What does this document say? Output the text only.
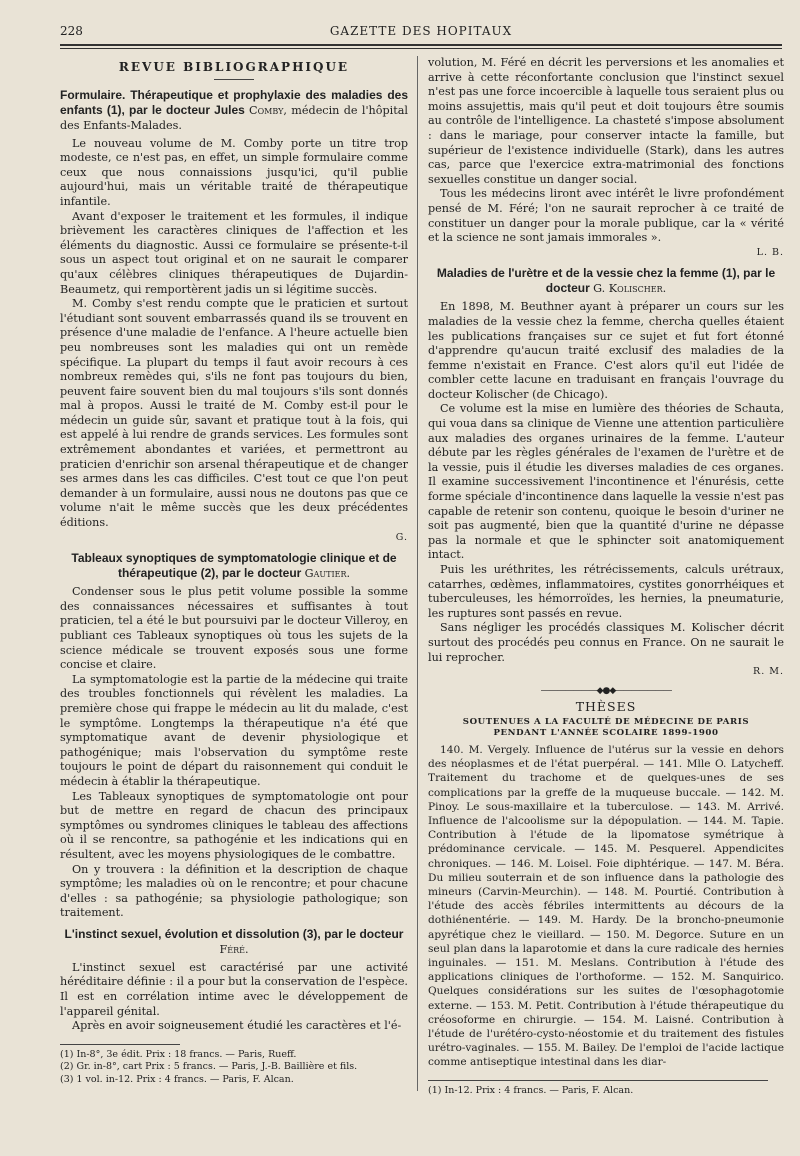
228	GAZETTE DES HOPITAUX
REVUE BIBLIOGRAPHIQUE
Formulaire. Thérapeutique et prophylaxie des maladies des enfants (1), par le docteur Jules Comby, médecin de l'hôpital des Enfants-Malades.

Le nouveau volume de M. Comby porte un titre trop modeste, ce n'est pas, en effet, un simple formulaire comme ceux que nous connaissions jusqu'ici, qu'il publie aujourd'hui, mais un véritable traité de thérapeutique infantile.

Avant d'exposer le traitement et les formules, il indique brièvement les caractères cliniques de l'affection et les éléments du diagnostic. Aussi ce formulaire se présente-t-il sous un aspect tout original et on ne saurait le comparer qu'aux célèbres cliniques thérapeutiques de Dujardin-Beaumetz, qui remportèrent jadis un si légitime succès.

M. Comby s'est rendu compte que le praticien et surtout l'étudiant sont souvent embarrassés quand ils se trouvent en présence d'une maladie de l'enfance. A l'heure actuelle bien peu nombreuses sont les maladies qui ont un remède spécifique. La plupart du temps il faut avoir recours à ces nombreux remèdes qui, s'ils ne font pas toujours du bien, peuvent faire souvent bien du mal toujours s'ils sont donnés mal à propos. Aussi le traité de M. Comby est-il pour le médecin un guide sûr, savant et pratique tout à la fois, qui est appelé à lui rendre de grands services. Les formules sont extrêmement abondantes et variées, et permettront au praticien d'enrichir son arsenal thérapeutique et de changer ses armes dans les cas difficiles. C'est tout ce que l'on peut demander à un formulaire, aussi nous ne doutons pas que ce volume n'ait le même succès que les deux précédentes éditions.

G.
Tableaux synoptiques de symptomatologie clinique et de thérapeutique (2), par le docteur Gautier.

Condenser sous le plus petit volume possible la somme des connaissances nécessaires et suffisantes à tout praticien, tel a été le but poursuivi par le docteur Villeroy, en publiant ces Tableaux synoptiques où tous les sujets de la science médicale se trouvent exposés sous une forme concise et claire.

La symptomatologie est la partie de la médecine qui traite des troubles fonctionnels qui révèlent les maladies. La première chose qui frappe le médecin au lit du malade, c'est le symptôme. Longtemps la thérapeutique n'a été que symptomatique avant de devenir physiologique et pathogénique; mais l'observation du symptôme reste toujours le point de départ du raisonnement qui conduit le médecin à établir la thérapeutique.

Les Tableaux synoptiques de symptomatologie ont pour but de mettre en regard de chacun des principaux symptômes ou syndromes cliniques le tableau des affections où il se rencontre, sa pathogénie et les indications qui en résultent, avec les moyens physiologiques de le combattre.

On y trouvera : la définition et la description de chaque symptôme; les maladies où on le rencontre; et pour chacune d'elles : sa pathogénie; sa physiologie pathologique; son traitement.

L'instinct sexuel, évolution et dissolution (3), par le docteur Féré.

L'instinct sexuel est caractérisé par une activité héréditaire définie : il a pour but la conservation de l'espèce. Il est en corrélation intime avec le développement de l'appareil génital.

Après en avoir soigneusement étudié les caractères et l'é-

(1) In-8°, 3e édit. Prix : 18 francs. — Paris, Rueff.

(2) Gr. in-8°, cart Prix : 5 francs. — Paris, J.-B. Baillière et fils.

(3) 1 vol. in-12. Prix : 4 francs. — Paris, F. Alcan.

volution, M. Féré en décrit les perversions et les anomalies et arrive à cette réconfortante conclusion que l'instinct sexuel n'est pas une force incoercible à laquelle tous seraient plus ou moins assujettis, mais qu'il peut et doit toujours être soumis au contrôle de l'intelligence. La chasteté s'impose absolument : dans le mariage, pour conserver intacte la famille, but supérieur de l'existence individuelle (Stark), dans les autres cas, parce que l'exercice extra-matrimonial des fonctions sexuelles constitue un danger social.

Tous les médecins liront avec intérêt le livre profondément pensé de M. Féré; l'on ne saurait reprocher à ce traité de constituer un danger pour la morale publique, car la « vérité et la science ne sont jamais immorales ».

L. B.
Maladies de l'urètre et de la vessie chez la femme (1), par le docteur G. Kolischer.

En 1898, M. Beuthner ayant à préparer un cours sur les maladies de la vessie chez la femme, chercha quelles étaient les publications françaises sur ce sujet et fut fort étonné d'apprendre qu'aucun traité exclusif des maladies de la femme n'existait en France. C'est alors qu'il eut l'idée de combler cette lacune en traduisant en français l'ouvrage du docteur Kolischer (de Chicago).

Ce volume est la mise en lumière des théories de Schauta, qui voua dans sa clinique de Vienne une attention particulière aux maladies des organes urinaires de la femme. L'auteur débute par les règles générales de l'examen de l'urètre et de la vessie, puis il étudie les diverses maladies de ces organes. Il examine successivement l'incontinence et l'énurésis, cette forme spéciale d'incontinence dans laquelle la vessie n'est pas capable de retenir son contenu, quoique le besoin d'uriner ne soit pas augmenté, bien que la quantité d'urine ne dépasse pas la normale et que le sphincter soit anatomiquement intact.

Puis les uréthrites, les rétrécissements, calculs urétraux, catarrhes, œdèmes, inflammatoires, cystites gonorrhéiques et tuberculeuses, les hémorroïdes, les hernies, la pneumaturie, les ruptures sont passés en revue.

Sans négliger les procédés classiques M. Kolischer décrit surtout des procédés peu connus en France. On ne saurait le lui reprocher.

R. M.
———————◆●◆———————
THÈSES
SOUTENUES A LA FACULTÉ DE MÉDECINE DE PARIS
PENDANT L'ANNÉE SCOLAIRE 1899-1900

140. M. Vergely. Influence de l'utérus sur la vessie en dehors des néoplasmes et de l'état puerpéral. — 141. Mlle O. Latycheff. Traitement du trachome et de quelques-unes de ses complications par la greffe de la muqueuse buccale. — 142. M. Pinoy. Le sous-maxillaire et la tuberculose. — 143. M. Arrivé. Influence de l'alcoolisme sur la dépopulation. — 144. M. Tapie. Contribution à l'étude de la lipomatose symétrique à prédominance cervicale. — 145. M. Pesquerel. Appendicites chroniques. — 146. M. Loisel. Foie diphtérique. — 147. M. Béra. Du milieu souterrain et de son influence dans la pathologie des mineurs (Carvin-Meurchin). — 148. M. Pourtié. Contribution à l'étude des accès fébriles intermittents au décours de la dothiénentérie. — 149. M. Hardy. De la broncho-pneumonie apyrétique chez le vieillard. — 150. M. Degorce. Suture en un seul plan dans la laparotomie et dans la cure radicale des hernies inguinales. — 151. M. Meslans. Contribution à l'étude des applications cliniques de l'orthoforme. — 152. M. Sanquirico. Quelques considérations sur les suites de l'œsophagotomie externe. — 153. M. Petit. Contribution à l'étude thérapeutique du créosoforme en chirurgie. — 154. M. Laisné. Contribution à l'étude de l'urétéro-cysto-néostomie et du traitement des fistules urétro-vaginales. — 155. M. Bailey. De l'emploi de l'acide lactique comme antiseptique intestinal dans les diar-

(1) In-12. Prix : 4 francs. — Paris, F. Alcan.
